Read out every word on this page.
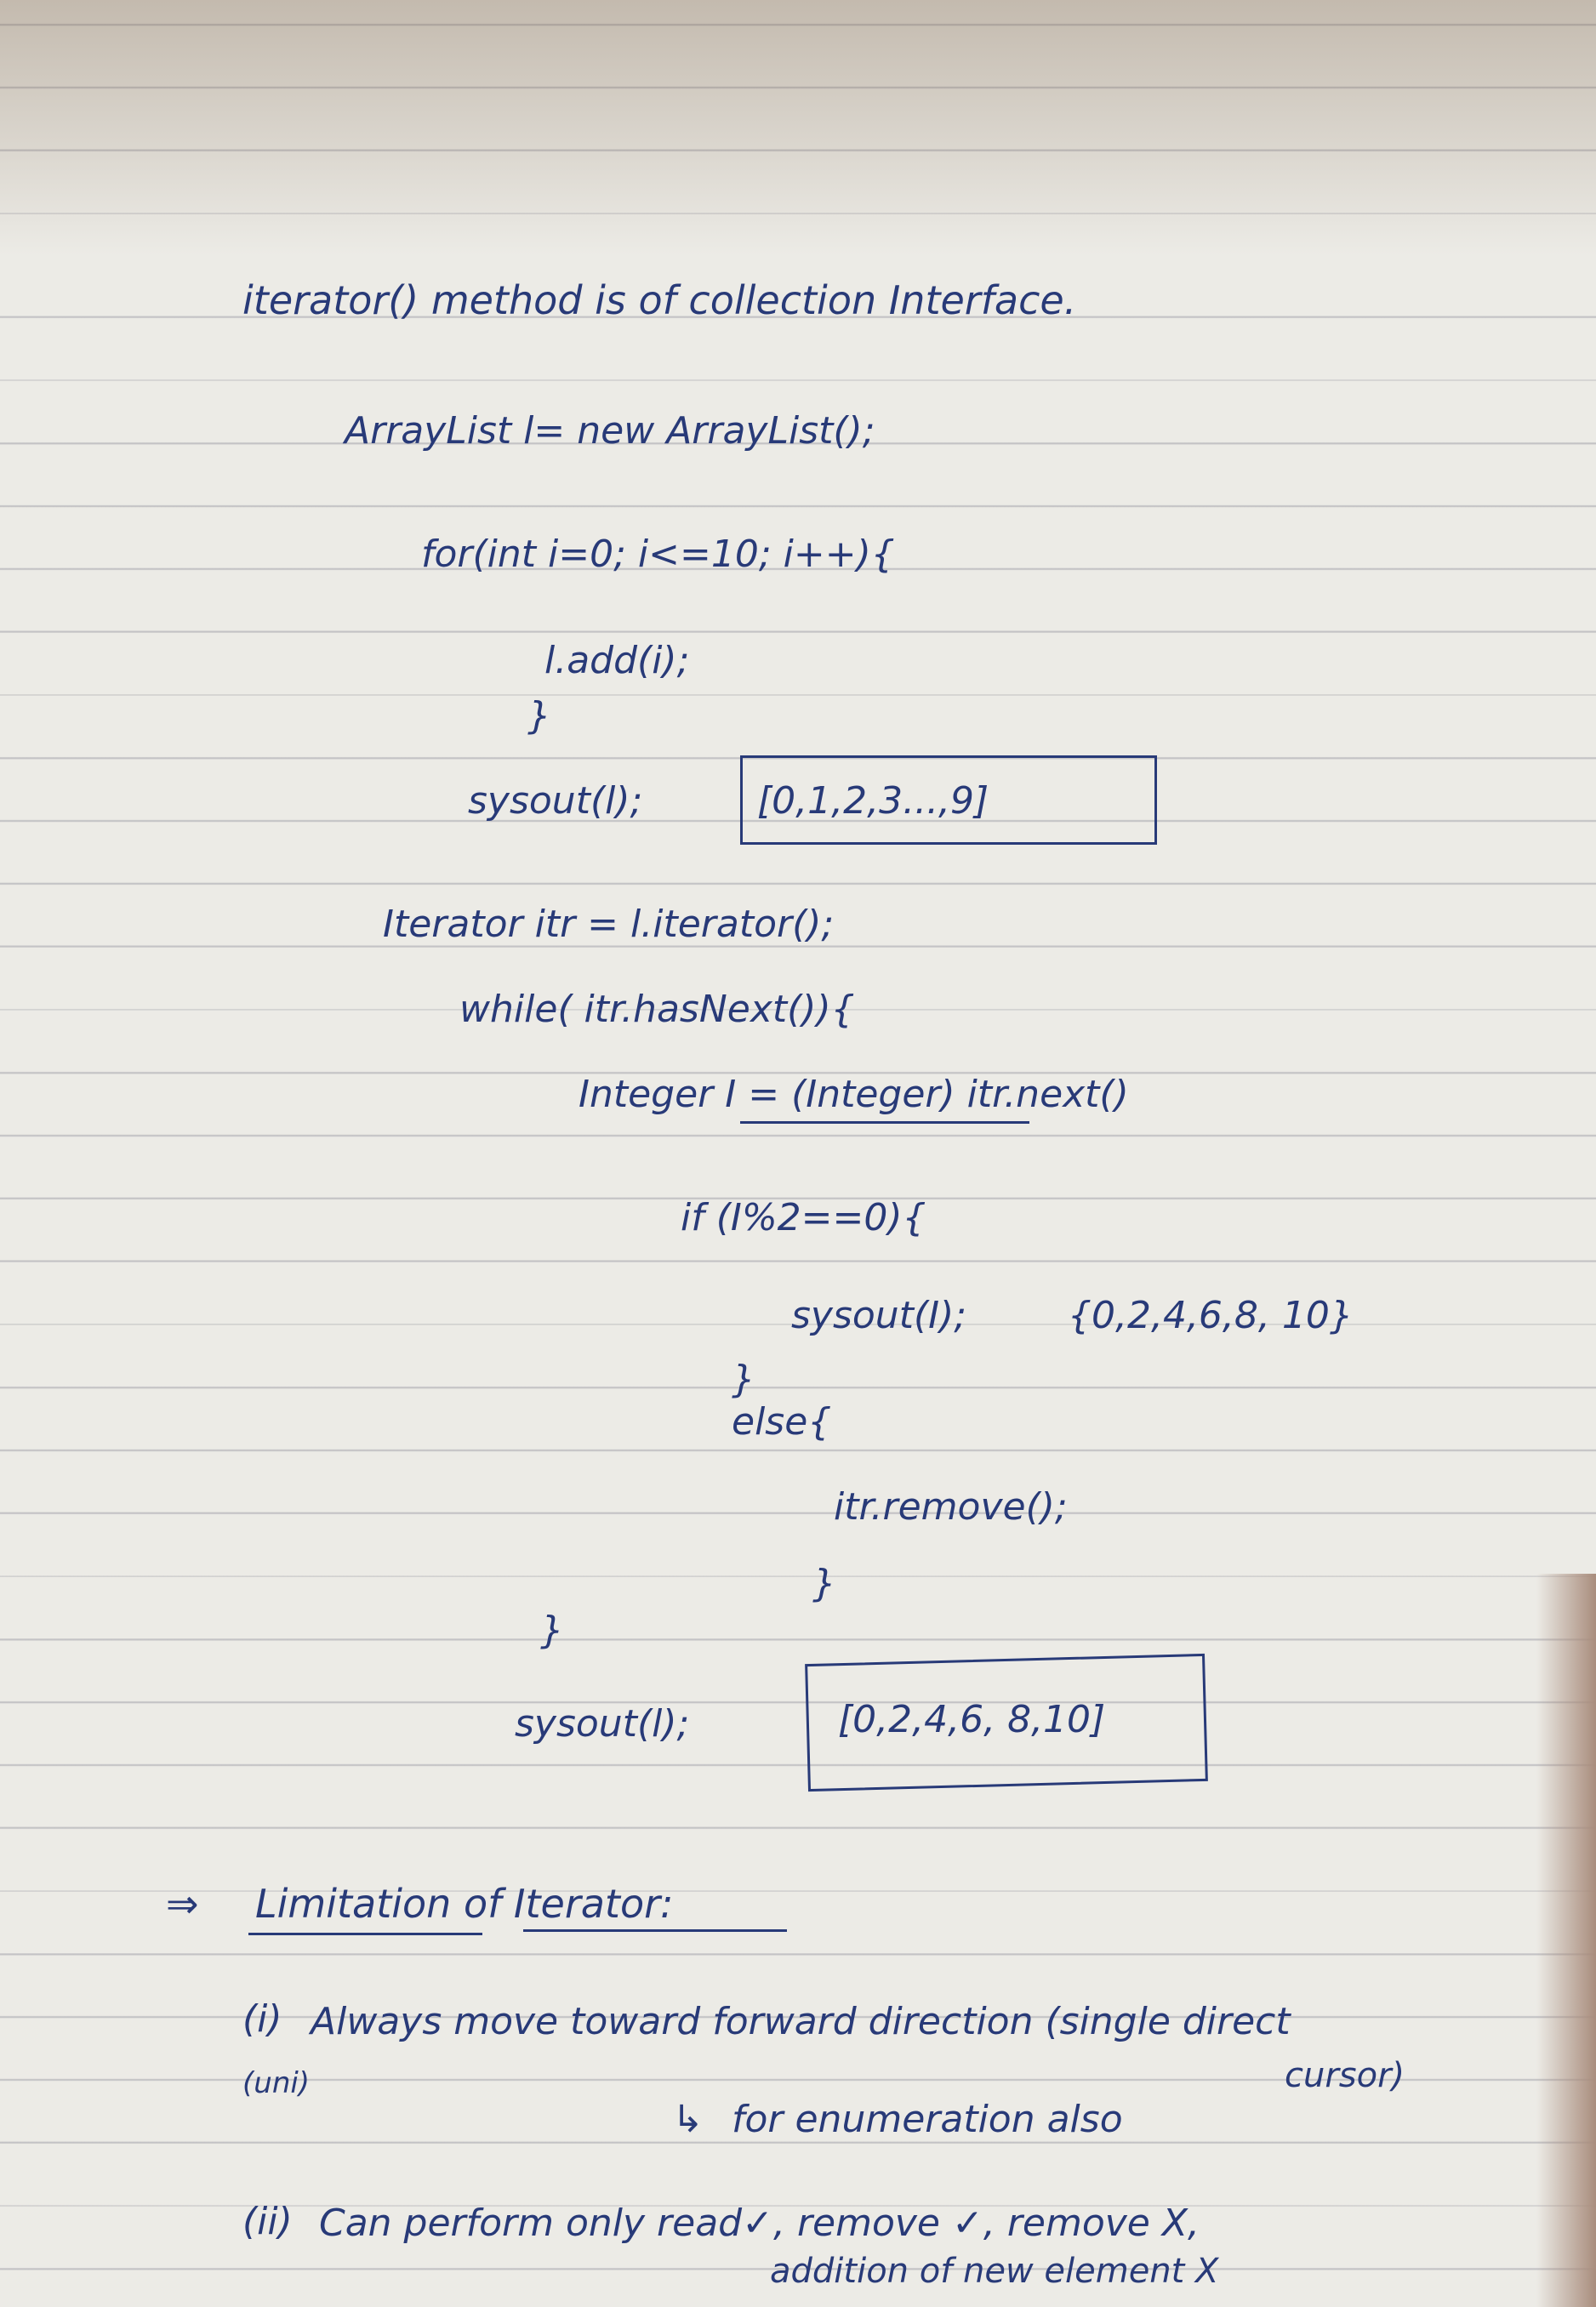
iterator() method is of collection Interface.

ArrayList l= new ArrayList();

for(int i=0; i<=10; i++){

l.add(i);

}

sysout(l);	[0,1,2,3...,9]

Iterator itr = l.iterator();

while( itr.hasNext()){

Integer I = (Integer) itr.next()

if (I%2==0){

sysout(I);	{0,2,4,6,8, 10}

}

else{

itr.remove();

}

}

sysout(l);	[0,2,4,6, 8,10]

⇒ Limitation of Iterator:

(i) Always move toward forward direction (single direct

(uni)	cursor)

↳ for enumeration also

(ii) Can perform only read✓, remove ✓, remove X,

addition of new element X
